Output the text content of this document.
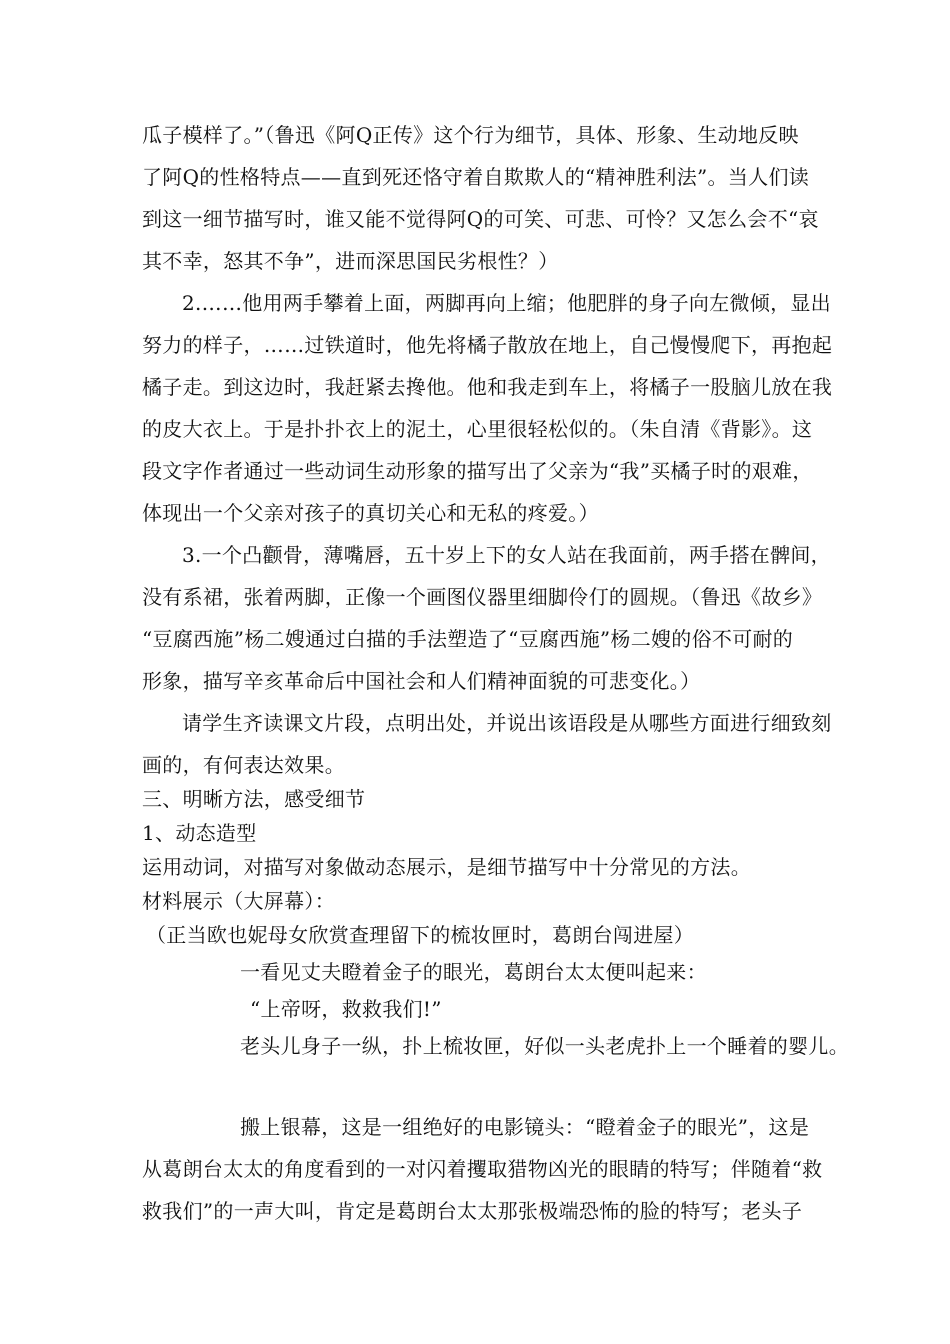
瓜子模样了。”（鲁迅《阿Q正传》这个行为细节，具体、形象、生动地反映
了阿Q的性格特点——直到死还恪守着自欺欺人的“精神胜利法”。当人们读
到这一细节描写时，谁又能不觉得阿Q的可笑、可悲、可怜？又怎么会不“哀
其不幸，怒其不争”，进而深思国民劣根性？）
2.……他用两手攀着上面，两脚再向上缩；他肥胖的身子向左微倾，显出
努力的样子，……过铁道时，他先将橘子散放在地上，自己慢慢爬下，再抱起
橘子走。到这边时，我赶紧去搀他。他和我走到车上，将橘子一股脑儿放在我
的皮大衣上。于是扑扑衣上的泥土，心里很轻松似的。（朱自清《背影》。这
段文字作者通过一些动词生动形象的描写出了父亲为“我”买橘子时的艰难，
体现出一个父亲对孩子的真切关心和无私的疼爱。）
3.一个凸颧骨，薄嘴唇，五十岁上下的女人站在我面前，两手搭在髀间，
没有系裙，张着两脚，正像一个画图仪器里细脚伶仃的圆规。（鲁迅《故乡》
“豆腐西施”杨二嫂通过白描的手法塑造了“豆腐西施”杨二嫂的俗不可耐的
形象，描写辛亥革命后中国社会和人们精神面貌的可悲变化。）
请学生齐读课文片段，点明出处，并说出该语段是从哪些方面进行细致刻
画的，有何表达效果。
三、明晰方法，感受细节
1、动态造型
运用动词，对描写对象做动态展示，是细节描写中十分常见的方法。
材料展示（大屏幕）：
（正当欧也妮母女欣赏查理留下的梳妆匣时，葛朗台闯进屋）
一看见丈夫瞪着金子的眼光，葛朗台太太便叫起来：
“上帝呀，救救我们!”
老头儿身子一纵，扑上梳妆匣，好似一头老虎扑上一个睡着的婴儿。
搬上银幕，这是一组绝好的电影镜头：“瞪着金子的眼光”，这是
从葛朗台太太的角度看到的一对闪着攫取猎物凶光的眼睛的特写；伴随着“救
救我们”的一声大叫，肯定是葛朗台太太那张极端恐怖的脸的特写；老头子
